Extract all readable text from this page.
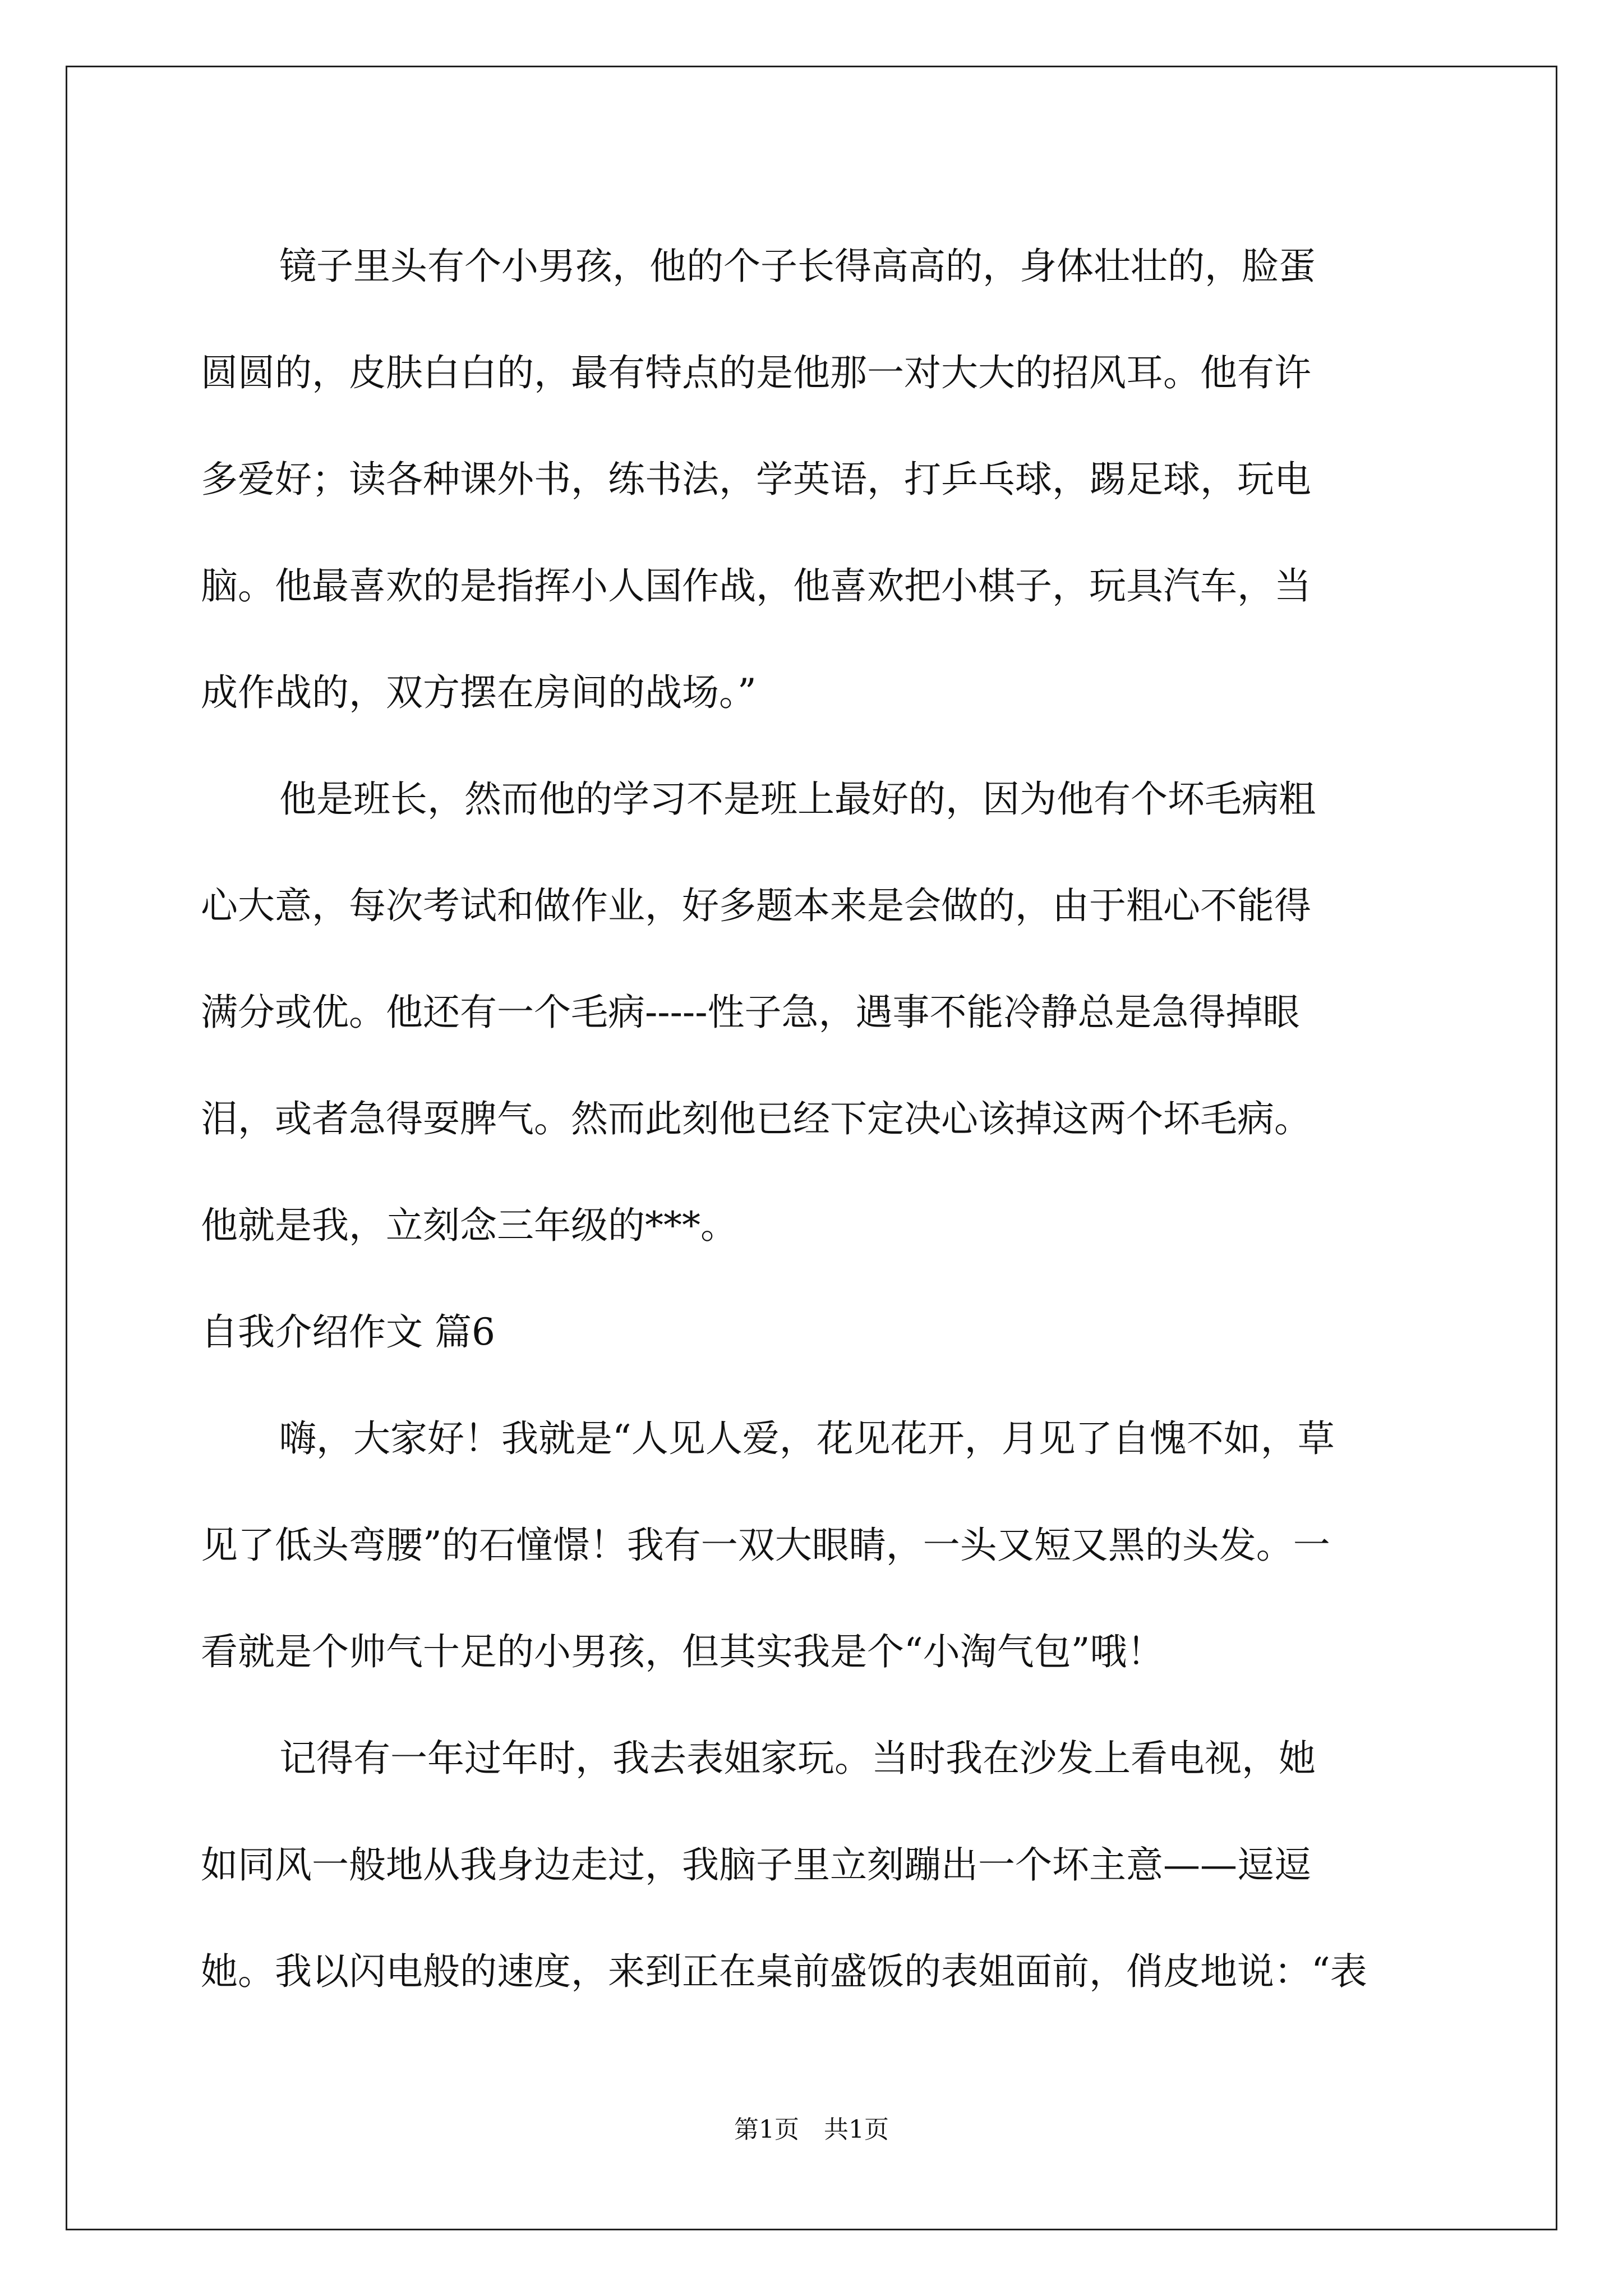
镜子里头有个小男孩，他的个子长得高高的，身体壮壮的，脸蛋
圆圆的，皮肤白白的，最有特点的是他那一对大大的招风耳。他有许
多爱好；读各种课外书，练书法，学英语，打乒乓球，踢足球，玩电
脑。他最喜欢的是指挥小人国作战，他喜欢把小棋子，玩具汽车，当
成作战的，双方摆在房间的战场。”
他是班长，然而他的学习不是班上最好的，因为他有个坏毛病粗
心大意，每次考试和做作业，好多题本来是会做的，由于粗心不能得
满分或优。他还有一个毛病-----性子急，遇事不能冷静总是急得掉眼
泪，或者急得耍脾气。然而此刻他已经下定决心该掉这两个坏毛病。
他就是我，立刻念三年级的***。
自我介绍作文 篇6
嗨，大家好！我就是“人见人爱，花见花开，月见了自愧不如，草
见了低头弯腰”的石憧憬！我有一双大眼睛，一头又短又黑的头发。一
看就是个帅气十足的小男孩，但其实我是个“小淘气包”哦！
记得有一年过年时，我去表姐家玩。当时我在沙发上看电视，她
如同风一般地从我身边走过，我脑子里立刻蹦出一个坏主意——逗逗
她。我以闪电般的速度，来到正在桌前盛饭的表姐面前，俏皮地说：“表
第1页　共1页
